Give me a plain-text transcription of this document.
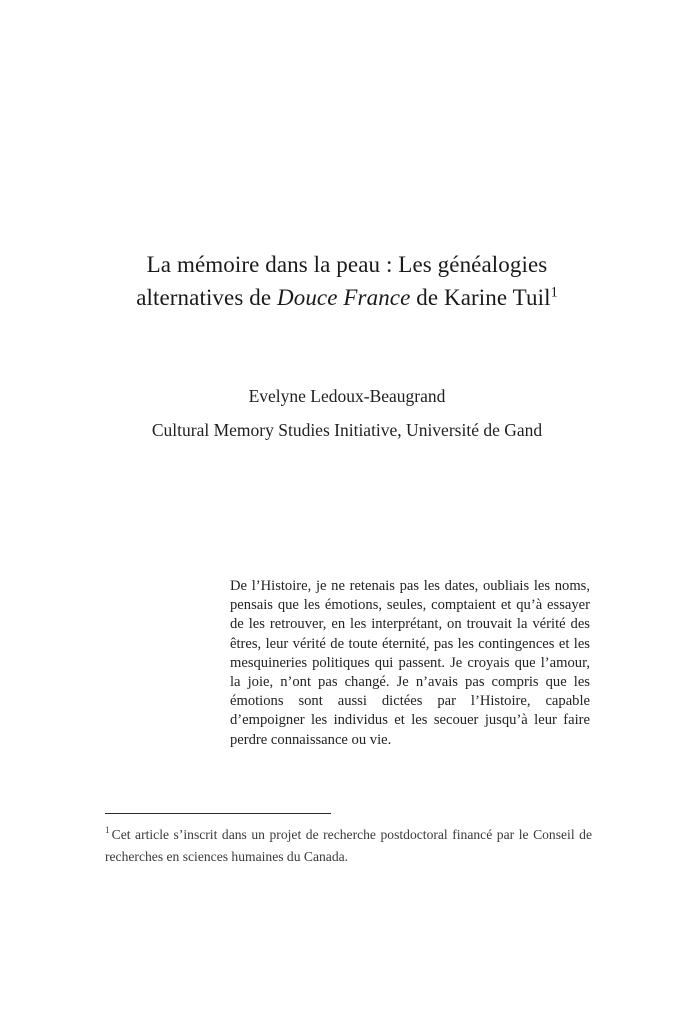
La mémoire dans la peau : Les généalogies alternatives de Douce France de Karine Tuil$^1$
Evelyne Ledoux-Beaugrand
Cultural Memory Studies Initiative, Université de Gand
De l’Histoire, je ne retenais pas les dates, oubliais les noms, pensais que les émotions, seules, comptaient et qu’à essayer de les retrouver, en les interprétant, on trouvait la vérité des êtres, leur vérité de toute éternité, pas les contingences et les mesquineries politiques qui passent. Je croyais que l’amour, la joie, n’ont pas changé. Je n’avais pas compris que les émotions sont aussi dictées par l’Histoire, capable d’empoigner les individus et les secouer jusqu’à leur faire perdre connaissance ou vie.
$^1$ Cet article s’inscrit dans un projet de recherche postdoctoral financé par le Conseil de recherches en sciences humaines du Canada.
